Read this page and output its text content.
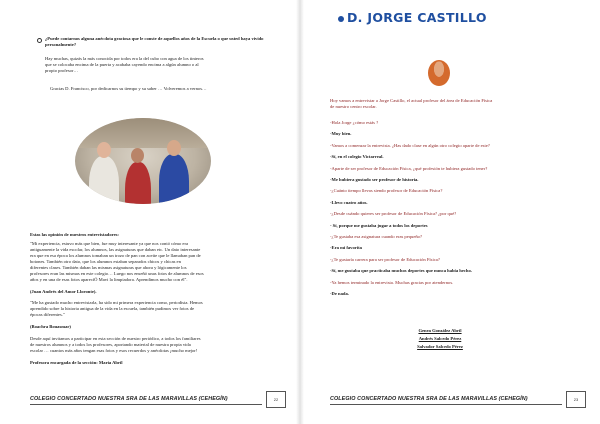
¿Puede contarnos alguna anécdota graciosa que le conste de aquellos años de la Escuela o que usted haya vivido personalmente?
Hay muchas, quizás la más conocida por todos era la del cubo con agua de los tinteros
que se colocaba encima de la puerta y acababa cayendo encima a algún alumno o al
propio profesor…
Gracias D. Francisco, por dedicarnos su tiempo y su saber … Volveremos a vernos…
Estas las opinión de nuestros entrevistadores:
"Mi experiencia, estuvo más que bien, fue muy interesante ya que nos contó cómo era
antiguamente la vida escolar, los alumnos, las asignaturas que daban etc. Un dato interesante
era que en esa época los alumnos tomaban un trozo de pan con aceite que le llamaban pan de
botones. También otro dato, que los alumnos estaban separados chicos y chicas en
diferentes clases. También daban las mismas asignaturas que ahora y lógicamente los
profesores eran las mismas en este colegio… Luego nos enseñó unas fotos de alumnos de esos
años y en una de esas fotos aparecíÓ Mavi la limpiadora. Aprendimos mucho con él".
(Juan Andrés del Amor Lloronte).
"Me ha gustado mucho entrevistarla, ha sido mi primera experiencia como, periodista. Hemos
aprendido sobre la historia antigua de la vida en la escuela, también pudimos ver fotos de
épocas diferentes."
(Boachra Bouasmar)
Desde aquí invitamos a participar en esta sección de nuestro periódico, a todos los familiares
de nuestros alumnos y a todos los profesores, aportando material de nuestra propia vida
escolar … cuantos más años tengan esas fotos y esos recuerdos y anécdotas ¡mucho mejor!
Profesora encargada de la sección: Maria Abril
COLEGIO CONCERTADO NUESTRA SRA DE LAS MARAVILLAS (CEHEGÍN)	22
D. JORGE CASTILLO
Hoy vamos a entrevistar a Jorge Castillo, el actual profesor del área de Educación Física
de nuestro centro escolar.
-Hola Jorge ¿cómo estás ?
-Muy bien.
-Vamos a comenzar la entrevista. ¿Has dado clase en algún otro colegio aparte de este?
-Sí, en el colegio Victarreal.
-Aparte de ser profesor de Educación Física, ¿qué profesión te hubiera gustado tener?
-Me hubiera gustado ser profesor de historia.
-¿Cuánto tiempo llevas siendo profesor de Educación Física?
-Llevo cuatro años.
-¿Desde cuándo quieres ser profesor de Educación Física? ¿por qué?
- Sí, porque me gustaba jugar a todos los deportes
-¿Te gustaba esa asignatura cuando eras pequeño?
-Era mi favorita
-¿Te gustaría carrera para ser profesor de Educación Física?
-Sí, me gustaba que practicaba muchos deportes que nunca había hecho.
-Ya hemos terminado la entrevista. Muchas gracias por atendernos.
-De nada.
Genea González Abril
Andrés Salcedo Pérez
Salvador Salcedo Pérez
COLEGIO CONCERTADO NUESTRA SRA DE LAS MARAVILLAS (CEHEGÍN)	23
